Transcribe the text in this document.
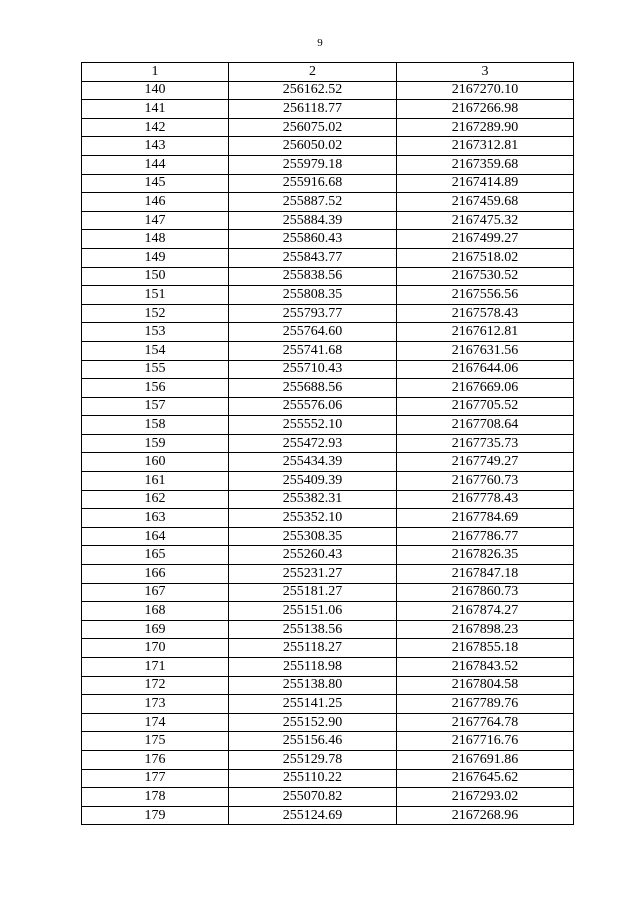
9
1	2	3
140	256162.52	2167270.10
141	256118.77	2167266.98
142	256075.02	2167289.90
143	256050.02	2167312.81
144	255979.18	2167359.68
145	255916.68	2167414.89
146	255887.52	2167459.68
147	255884.39	2167475.32
148	255860.43	2167499.27
149	255843.77	2167518.02
150	255838.56	2167530.52
151	255808.35	2167556.56
152	255793.77	2167578.43
153	255764.60	2167612.81
154	255741.68	2167631.56
155	255710.43	2167644.06
156	255688.56	2167669.06
157	255576.06	2167705.52
158	255552.10	2167708.64
159	255472.93	2167735.73
160	255434.39	2167749.27
161	255409.39	2167760.73
162	255382.31	2167778.43
163	255352.10	2167784.69
164	255308.35	2167786.77
165	255260.43	2167826.35
166	255231.27	2167847.18
167	255181.27	2167860.73
168	255151.06	2167874.27
169	255138.56	2167898.23
170	255118.27	2167855.18
171	255118.98	2167843.52
172	255138.80	2167804.58
173	255141.25	2167789.76
174	255152.90	2167764.78
175	255156.46	2167716.76
176	255129.78	2167691.86
177	255110.22	2167645.62
178	255070.82	2167293.02
179	255124.69	2167268.96
